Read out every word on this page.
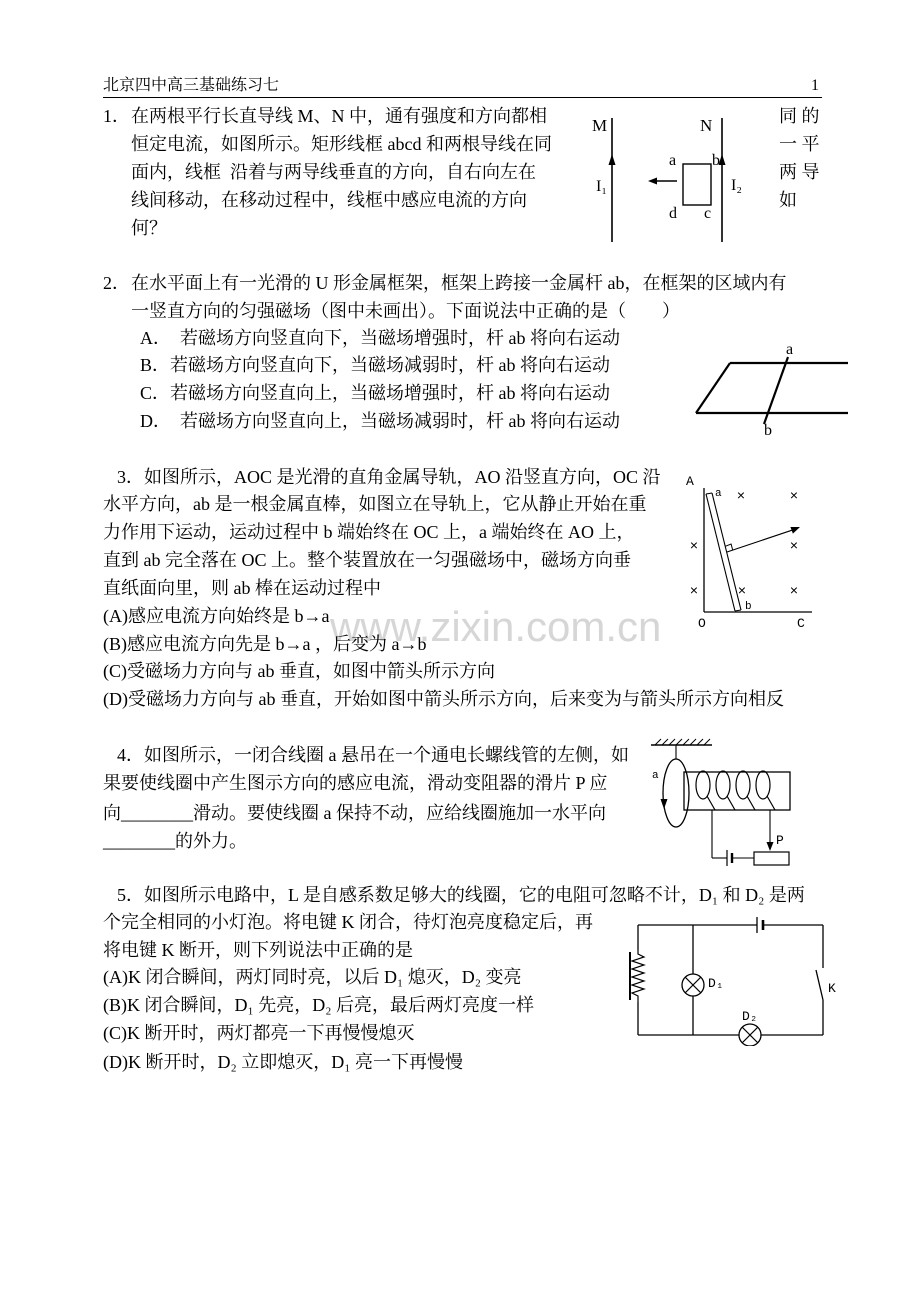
北京四中高三基础练习七	1
www.zixin.com.cn
1． 在两根平行长直导线 M、N 中，通有强度和方向都相
恒定电流，如图所示。矩形线框 abcd 和两根导线在同
面内，线框  沿着与两导线垂直的方向，自右向左在
线间移动，在移动过程中，线框中感应电流的方向
何？
同 的
一 平
两 导
如
M	N
I₁	I₂
a b
d c
2． 在水平面上有一光滑的 U 形金属框架，框架上跨接一金属杆 ab，在框架的区域内有
一竖直方向的匀强磁场（图中未画出）。下面说法中正确的是（        ）
A．  若磁场方向竖直向下，当磁场增强时，杆 ab 将向右运动
B．若磁场方向竖直向下，当磁场减弱时，杆 ab 将向右运动
C．若磁场方向竖直向上，当磁场增强时，杆 ab 将向右运动
D．  若磁场方向竖直向上，当磁场减弱时，杆 ab 将向右运动
a
b
3．如图所示，AOC 是光滑的直角金属导轨，AO 沿竖直方向，OC 沿
水平方向，ab 是一根金属直棒，如图立在导轨上，它从静止开始在重
力作用下运动，运动过程中 b 端始终在 OC 上，a 端始终在 AO 上，
直到 ab 完全落在 OC 上。整个装置放在一匀强磁场中，磁场方向垂
直纸面向里，则 ab 棒在运动过程中
(A)感应电流方向始终是 b→a
(B)感应电流方向先是 b→a ，后变为 a→b
(C)受磁场力方向与 ab 垂直，如图中箭头所示方向
(D)受磁场力方向与 ab 垂直，开始如图中箭头所示方向，后来变为与箭头所示方向相反
A
O	C
a
b
×	×
×	×
×	×	×
4．如图所示，一闭合线圈 a 悬吊在一个通电长螺线管的左侧，如
果要使线圈中产生图示方向的感应电流，滑动变阻器的滑片 P 应
向________滑动。要使线圈 a 保持不动，应给线圈施加一水平向
________的外力。
a
P
5．如图所示电路中，L 是自感系数足够大的线圈，它的电阻可忽略不计，D₁ 和 D₂ 是两
个完全相同的小灯泡。将电键 K 闭合，待灯泡亮度稳定后，再
将电键 K 断开，则下列说法中正确的是
(A)K 闭合瞬间，两灯同时亮，以后 D₁ 熄灭，D₂ 变亮
(B)K 闭合瞬间，D₁ 先亮，D₂ 后亮，最后两灯亮度一样
(C)K 断开时，两灯都亮一下再慢慢熄灭
(D)K 断开时，D₂ 立即熄灭，D₁ 亮一下再慢慢
D₁
D₂
K
